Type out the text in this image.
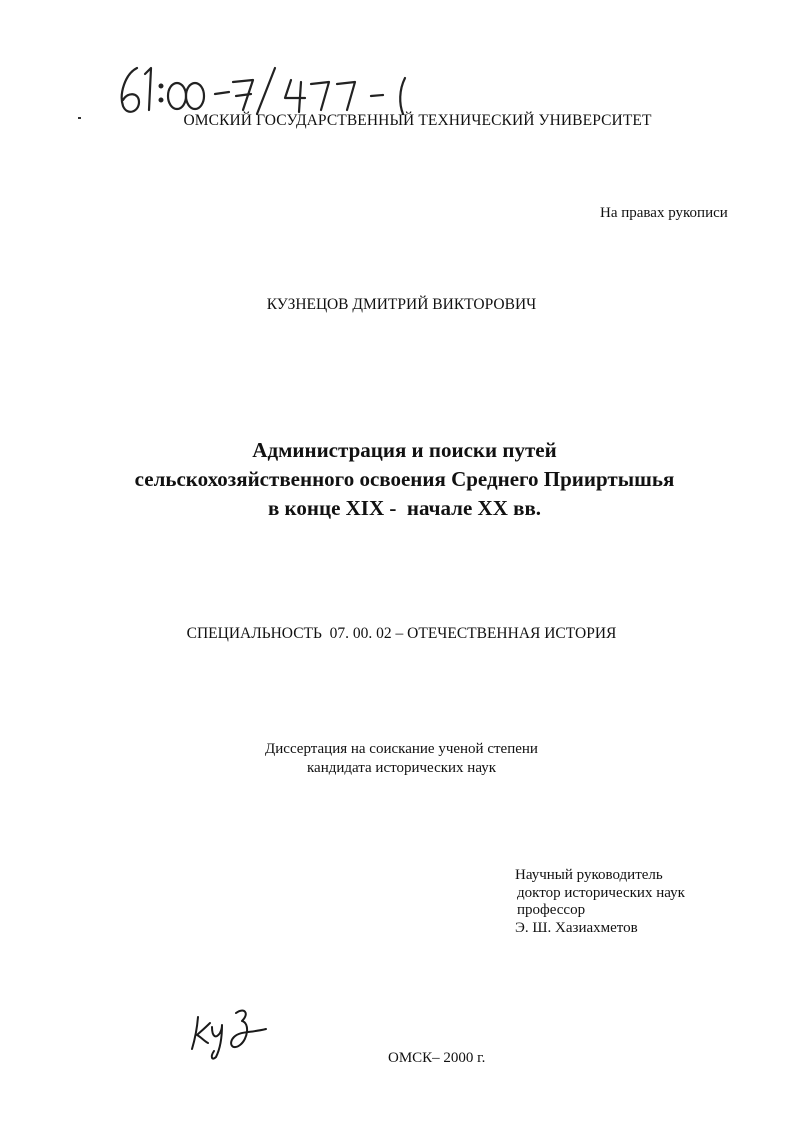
ОМСКИЙ ГОСУДАРСТВЕННЫЙ ТЕХНИЧЕСКИЙ УНИВЕРСИТЕТ
На правах рукописи
КУЗНЕЦОВ ДМИТРИЙ ВИКТОРОВИЧ
Администрация и поиски путей
сельскохозяйственного освоения Среднего Прииртышья
в конце XIX -  начале XX вв.
СПЕЦИАЛЬНОСТЬ  07. 00. 02 – ОТЕЧЕСТВЕННАЯ ИСТОРИЯ
Диссертация на соискание ученой степени
кандидата исторических наук
Научный руководитель
доктор исторических наук
профессор
Э. Ш. Хазиахметов
ОМСК– 2000 г.
